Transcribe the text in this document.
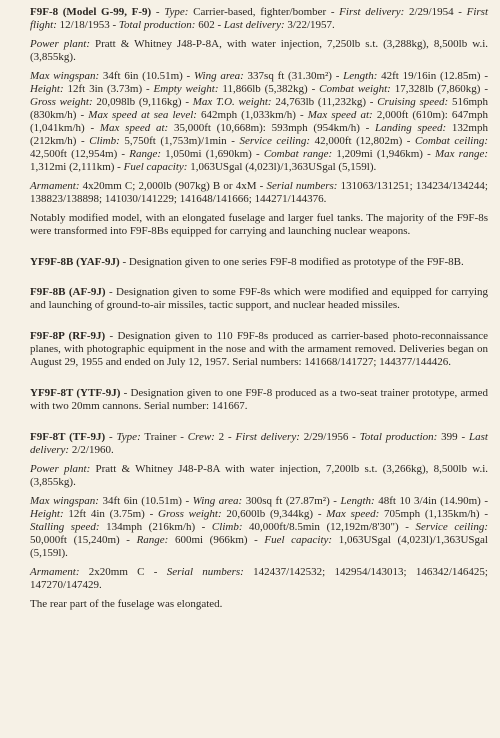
F9F-8 (Model G-99, F-9) - Type: Carrier-based, fighter/bomber - First delivery: 2/29/1954 - First flight: 12/18/1953 - Total production: 602 - Last delivery: 3/22/1957.

Power plant: Pratt & Whitney J48-P-8A, with water injection, 7,250lb s.t. (3,288kg), 8,500lb w.i. (3,855kg).

Max wingspan: 34ft 6in (10.51m) - Wing area: 337sq ft (31.30m²) - Length: 42ft 19/16in (12.85m) - Height: 12ft 3in (3.73m) - Empty weight: 11,866lb (5,382kg) - Combat weight: 17,328lb (7,860kg) - Gross weight: 20,098lb (9,116kg) - Max T.O. weight: 24,763lb (11,232kg) - Cruising speed: 516mph (830km/h) - Max speed at sea level: 642mph (1,033km/h) - Max speed at: 2,000ft (610m): 647mph (1,041km/h) - Max speed at: 35,000ft (10,668m): 593mph (954km/h) - Landing speed: 132mph (212km/h) - Climb: 5,750ft (1,753m)/1min - Service ceiling: 42,000ft (12,802m) - Combat ceiling: 42,500ft (12,954m) - Range: 1,050mi (1,690km) - Combat range: 1,209mi (1,946km) - Max range: 1,312mi (2,111km) - Fuel capacity: 1,063USgal (4,023l)/1,363USgal (5,159l).

Armament: 4x20mm C; 2,000lb (907kg) B or 4xM - Serial numbers: 131063/131251; 134234/134244; 138823/138898; 141030/141229; 141648/141666; 144271/144376.

Notably modified model, with an elongated fuselage and larger fuel tanks. The majority of the F9F-8s were transformed into F9F-8Bs equipped for carrying and launching nuclear weapons.

YF9F-8B (YAF-9J) - Designation given to one series F9F-8 modified as prototype of the F9F-8B.

F9F-8B (AF-9J) - Designation given to some F9F-8s which were modified and equipped for carrying and launching of ground-to-air missiles, tactic support, and nuclear headed missiles.

F9F-8P (RF-9J) - Designation given to 110 F9F-8s produced as carrier-based photo-reconnaissance planes, with photographic equipment in the nose and with the armament removed. Deliveries began on August 29, 1955 and ended on July 12, 1957. Serial numbers: 141668/141727; 144377/144426.

YF9F-8T (YTF-9J) - Designation given to one F9F-8 produced as a two-seat trainer prototype, armed with two 20mm cannons. Serial number: 141667.

F9F-8T (TF-9J) - Type: Trainer - Crew: 2 - First delivery: 2/29/1956 - Total production: 399 - Last delivery: 2/2/1960.

Power plant: Pratt & Whitney J48-P-8A with water injection, 7,200lb s.t. (3,266kg), 8,500lb w.i. (3,855kg).

Max wingspan: 34ft 6in (10.51m) - Wing area: 300sq ft (27.87m²) - Length: 48ft 10 3/4in (14.90m) - Height: 12ft 4in (3.75m) - Gross weight: 20,600lb (9,344kg) - Max speed: 705mph (1,135km/h) - Stalling speed: 134mph (216km/h) - Climb: 40,000ft/8.5min (12,192m/8'30") - Service ceiling: 50,000ft (15,240m) - Range: 600mi (966km) - Fuel capacity: 1,063USgal (4,023l)/1,363USgal (5,159l).

Armament: 2x20mm C - Serial numbers: 142437/142532; 142954/143013; 146342/146425; 147270/147429.

The rear part of the fuselage was elongated.
